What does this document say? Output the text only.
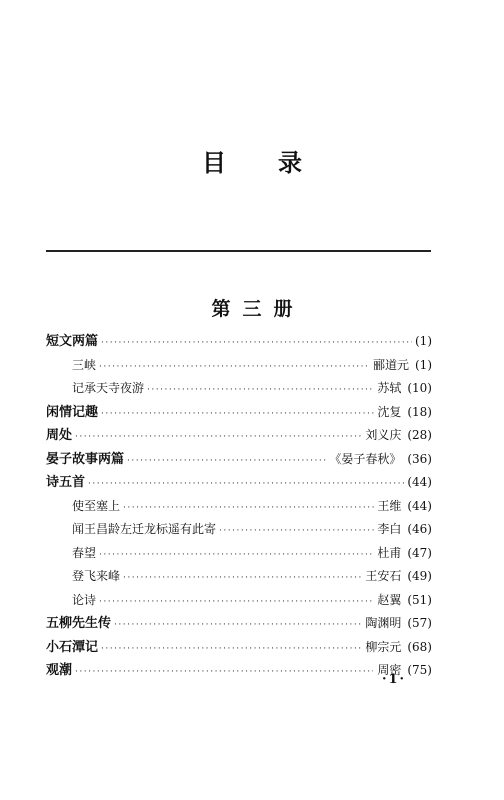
目录
第三册
短文两篇 ·····	(1)
三峡 ·····	郦道元 (1)
记承天寺夜游 ·····	苏轼 (10)
闲情记趣 ·····	沈复 (18)
周处 ·····	刘义庆 (28)
晏子故事两篇 ·····	《晏子春秋》 (36)
诗五首 ·····	(44)
使至塞上 ·····	王维 (44)
闻王昌龄左迁龙标遥有此寄 ·····	李白 (46)
春望 ·····	杜甫 (47)
登飞来峰 ·····	王安石 (49)
论诗 ·····	赵翼 (51)
五柳先生传 ·····	陶渊明 (57)
小石潭记 ·····	柳宗元 (68)
观潮 ·····	周密 (75)
·1·
